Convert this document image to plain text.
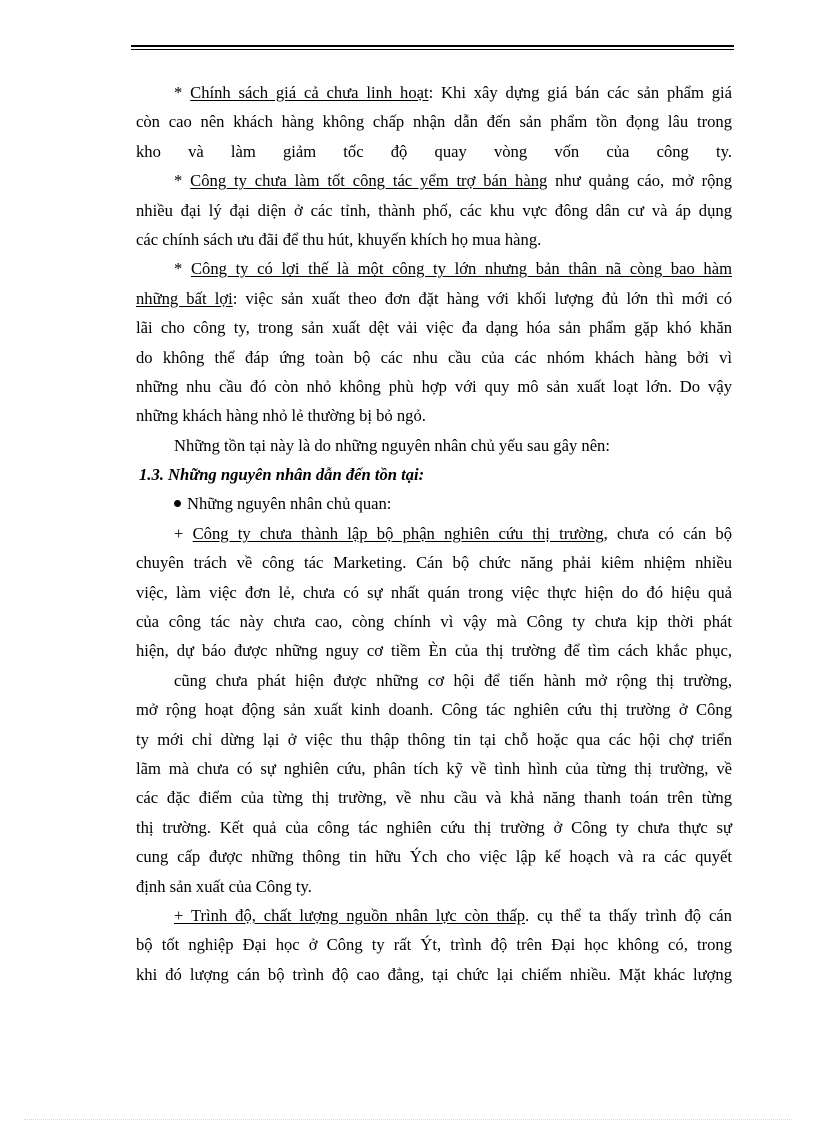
* Chính sách giá cả chưa linh hoạt: Khi xây dựng giá bán các sản phẩm giá
còn cao nên khách hàng không chấp nhận dẫn đến sản phẩm tồn đọng lâu trong
kho và làm giảm tốc độ quay vòng vốn của công ty.
* Công ty chưa làm tốt công tác yểm trợ bán hàng như quảng cáo, mở rộng
nhiều đại lý đại diện ở các tỉnh, thành phố, các khu vực đông dân cư và áp dụng
các chính sách ưu đãi để thu hút, khuyến khích họ mua hàng.
* Công ty có lợi thế là một công ty lớn nhưng bản thân nã còng bao hàm
những bất lợi: việc sản xuất theo đơn đặt hàng với khối lượng đủ lớn thì mới có
lãi cho công ty, trong sản xuất dệt vải việc đa dạng hóa sản phẩm gặp khó khăn
do không thể đáp ứng toàn bộ các nhu cầu của các nhóm khách hàng bởi vì
những nhu cầu đó còn nhỏ không phù hợp với quy mô sản xuất loạt lớn. Do vậy
những khách hàng nhỏ lẻ thường bị bỏ ngỏ.
Những tồn tại này là do những nguyên nhân chủ yếu sau gây nên:
1.3. Những nguyên nhân dẫn đến tồn tại:
Những nguyên nhân chủ quan:
+ Công ty chưa thành lập bộ phận nghiên cứu thị trường, chưa có cán bộ
chuyên trách về công tác Marketing. Cán bộ chức năng phải kiêm nhiệm nhiều
việc, làm việc đơn lẻ, chưa có sự nhất quán trong việc thực hiện do đó hiệu quả
của công tác này chưa cao, còng chính vì vậy mà Công ty chưa kịp thời phát
hiện, dự báo được những nguy cơ tiềm Èn của thị trường để tìm cách khắc phục,
cũng chưa phát hiện được những cơ hội để tiến hành mở rộng thị trường,
mở rộng hoạt động sản xuất kinh doanh. Công tác nghiên cứu thị trường ở Công
ty mới chỉ dừng lại ở việc thu thập thông tin tại chỗ hoặc qua các hội chợ triển
lãm mà chưa có sự nghiên cứu, phân tích kỹ về tình hình của từng thị trường, về
các đặc điểm của từng thị trường, về nhu cầu và khả năng thanh toán trên từng
thị trường. Kết quả của công tác nghiên cứu thị trường ở Công ty chưa thực sự
cung cấp được những thông tin hữu Ých cho việc lập kế hoạch và ra các quyết
định sản xuất của Công ty.
+ Trình độ, chất lượng nguồn nhân lực còn thấp. cụ thể ta thấy trình độ cán
bộ tốt nghiệp Đại học ở Công ty rất Ýt, trình độ trên Đại học không có, trong
khi đó lượng cán bộ trình độ cao đẳng, tại chức lại chiếm nhiều. Mặt khác lượng
